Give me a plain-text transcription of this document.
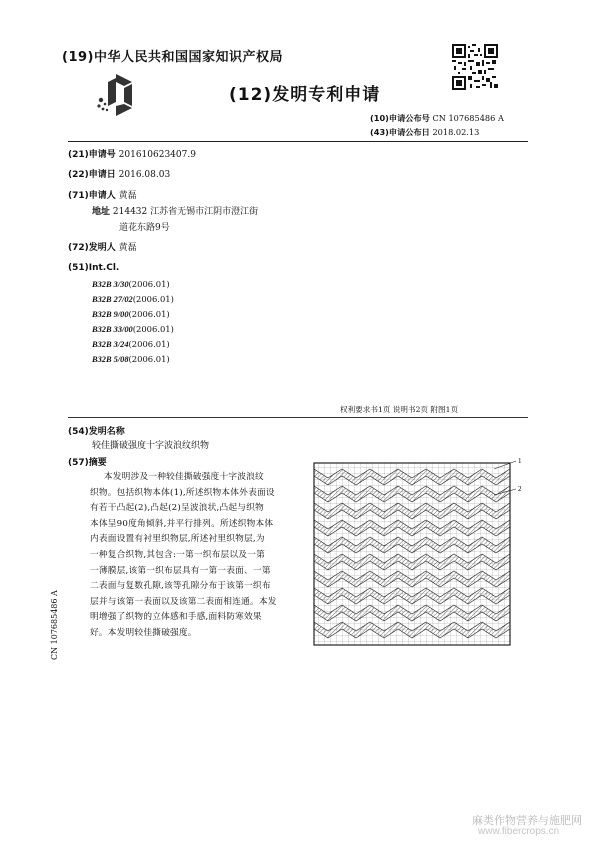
(19)中华人民共和国国家知识产权局
(12)发明专利申请
(10)申请公布号 CN 107685486 A
(43)申请公布日 2018.02.13
(21)申请号 201610623407.9
(22)申请日 2016.08.03
(71)申请人 黄磊
地址 214432 江苏省无锡市江阴市澄江街
道花东路9号
(72)发明人 黄磊
(51)Int.Cl.
B32B 3/30(2006.01)
B32B 27/02(2006.01)
B32B 9/00(2006.01)
B32B 33/00(2006.01)
B32B 3/24(2006.01)
B32B 5/08(2006.01)
权利要求书1页 说明书2页 附图1页
(54)发明名称
较佳撕破强度十字波浪纹织物
(57)摘要
本发明涉及一种较佳撕破强度十字波浪纹
织物。包括织物本体(1),所述织物本体外表面设
有若干凸起(2),凸起(2)呈波浪状,凸起与织物
本体呈90度角倾斜,并平行排列。所述织物本体
内表面设置有衬里织物层,所述衬里织物层,为
一种复合织物,其包含:一第一织布层以及一第
一薄膜层,该第一织布层具有一第一表面、一第
二表面与复数孔隙,该等孔隙分布于该第一织布
层并与该第一表面以及该第二表面相连通。本发
明增强了织物的立体感和手感,面料防寒效果
好。本发明较佳撕破强度。
1
2
CN 107685486 A
麻类作物营养与施肥网
www.fibercrops.cn
